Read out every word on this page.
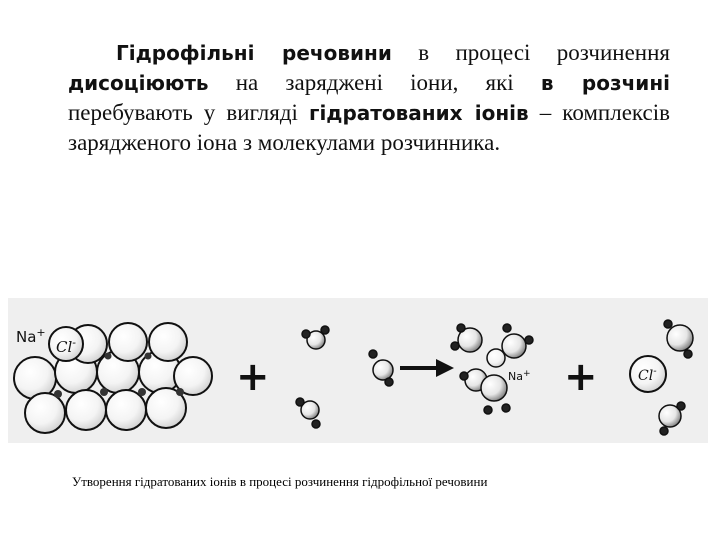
Гідрофільні речовини в процесі розчинення дисоціюють на заряджені іони, які в розчині перебувають у вигляді гідратованих іонів – комплексів зарядженого іона з молекулами розчинника.
Na+
Cl-
+	Na+ +	Cl-
Утворення гідратованих іонів в процесі розчинення гідрофільної речовини
